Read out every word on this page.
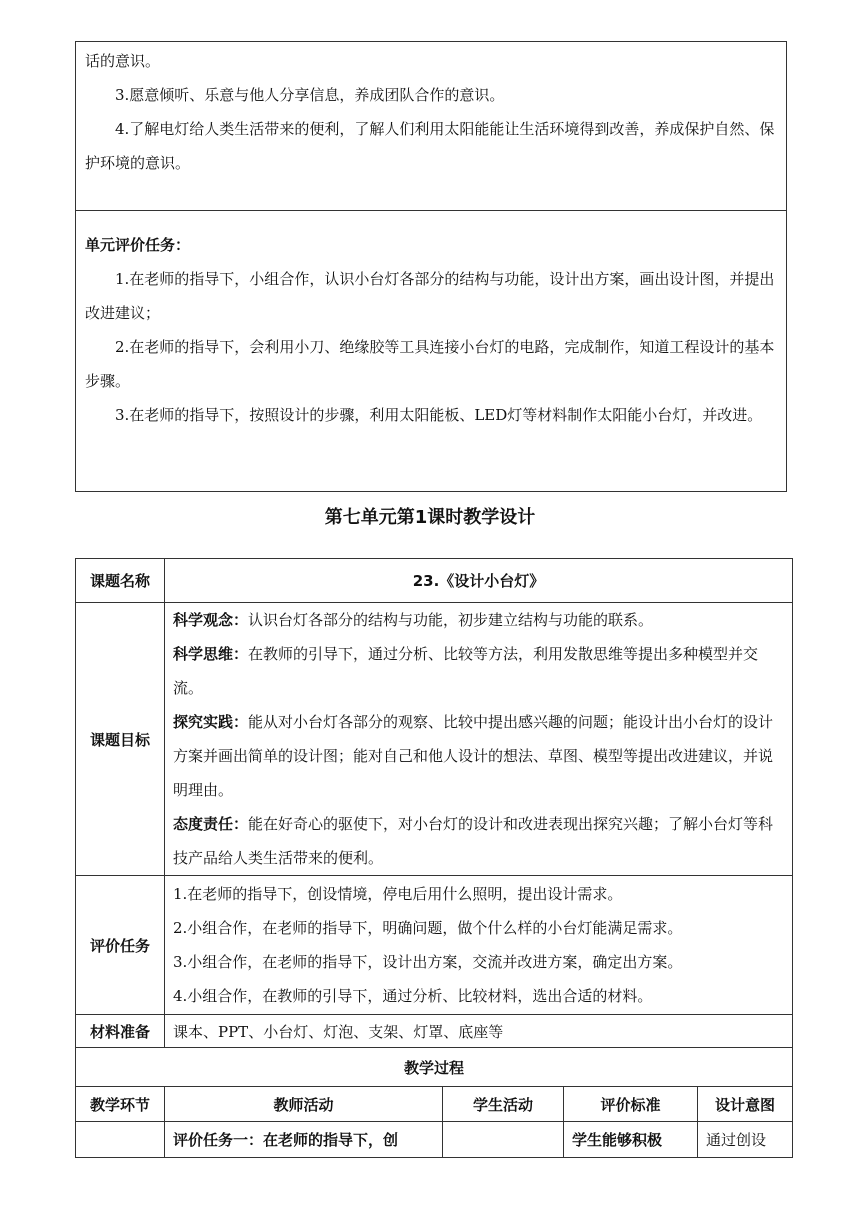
话的意识。
3.愿意倾听、乐意与他人分享信息，养成团队合作的意识。
4.了解电灯给人类生活带来的便利，了解人们利用太阳能能让生活环境得到改善，养成保护自然、保护环境的意识。
单元评价任务：
1.在老师的指导下，小组合作，认识小台灯各部分的结构与功能，设计出方案，画出设计图，并提出改进建议；
2.在老师的指导下，会利用小刀、绝缘胶等工具连接小台灯的电路，完成制作，知道工程设计的基本步骤。
3.在老师的指导下，按照设计的步骤，利用太阳能板、LED灯等材料制作太阳能小台灯，并改进。
第七单元第1课时教学设计
课题名称	23.《设计小台灯》			
课题目标	科学观念：认识台灯各部分的结构与功能，初步建立结构与功能的联系。
科学思维：在教师的引导下，通过分析、比较等方法，利用发散思维等提出多种模型并交流。
探究实践：能从对小台灯各部分的观察、比较中提出感兴趣的问题；能设计出小台灯的设计方案并画出简单的设计图；能对自己和他人设计的想法、草图、模型等提出改进建议，并说明理由。
态度责任：能在好奇心的驱使下，对小台灯的设计和改进表现出探究兴趣；了解小台灯等科技产品给人类生活带来的便利。			

评价任务	1.在老师的指导下，创设情境，停电后用什么照明，提出设计需求。
2.小组合作，在老师的指导下，明确问题，做个什么样的小台灯能满足需求。
3.小组合作，在老师的指导下，设计出方案，交流并改进方案，确定出方案。
4.小组合作，在教师的引导下，通过分析、比较材料，选出合适的材料。			

材料准备	课本、PPT、小台灯、灯泡、支架、灯罩、底座等			
教学过程				
教学环节	教师活动	学生活动	评价标准	设计意图
	评价任务一：在老师的指导下，创		学生能够积极	通过创设
